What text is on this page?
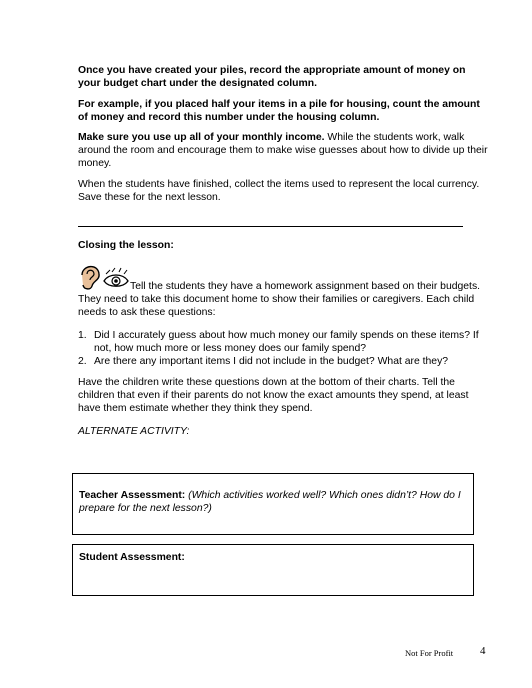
Once you have created your piles, record the appropriate amount of money on your budget chart under the designated column.

For example, if you placed half your items in a pile for housing, count the amount of money and record this number under the housing column.

Make sure you use up all of your monthly income. While the students work, walk around the room and encourage them to make wise guesses about how to divide up their money.

When the students have finished, collect the items used to represent the local currency. Save these for the next lesson.

Closing the lesson:

Tell the students they have a homework assignment based on their budgets. They need to take this document home to show their families or caregivers. Each child needs to ask these questions:

1. Did I accurately guess about how much money our family spends on these items? If not, how much more or less money does our family spend?
2. Are there any important items I did not include in the budget? What are they?

Have the children write these questions down at the bottom of their charts. Tell the children that even if their parents do not know the exact amounts they spend, at least have them estimate whether they think they spend.

ALTERNATE ACTIVITY:

Teacher Assessment: (Which activities worked well? Which ones didn’t? How do I prepare for the next lesson?)
Student Assessment:
Not For Profit 4
